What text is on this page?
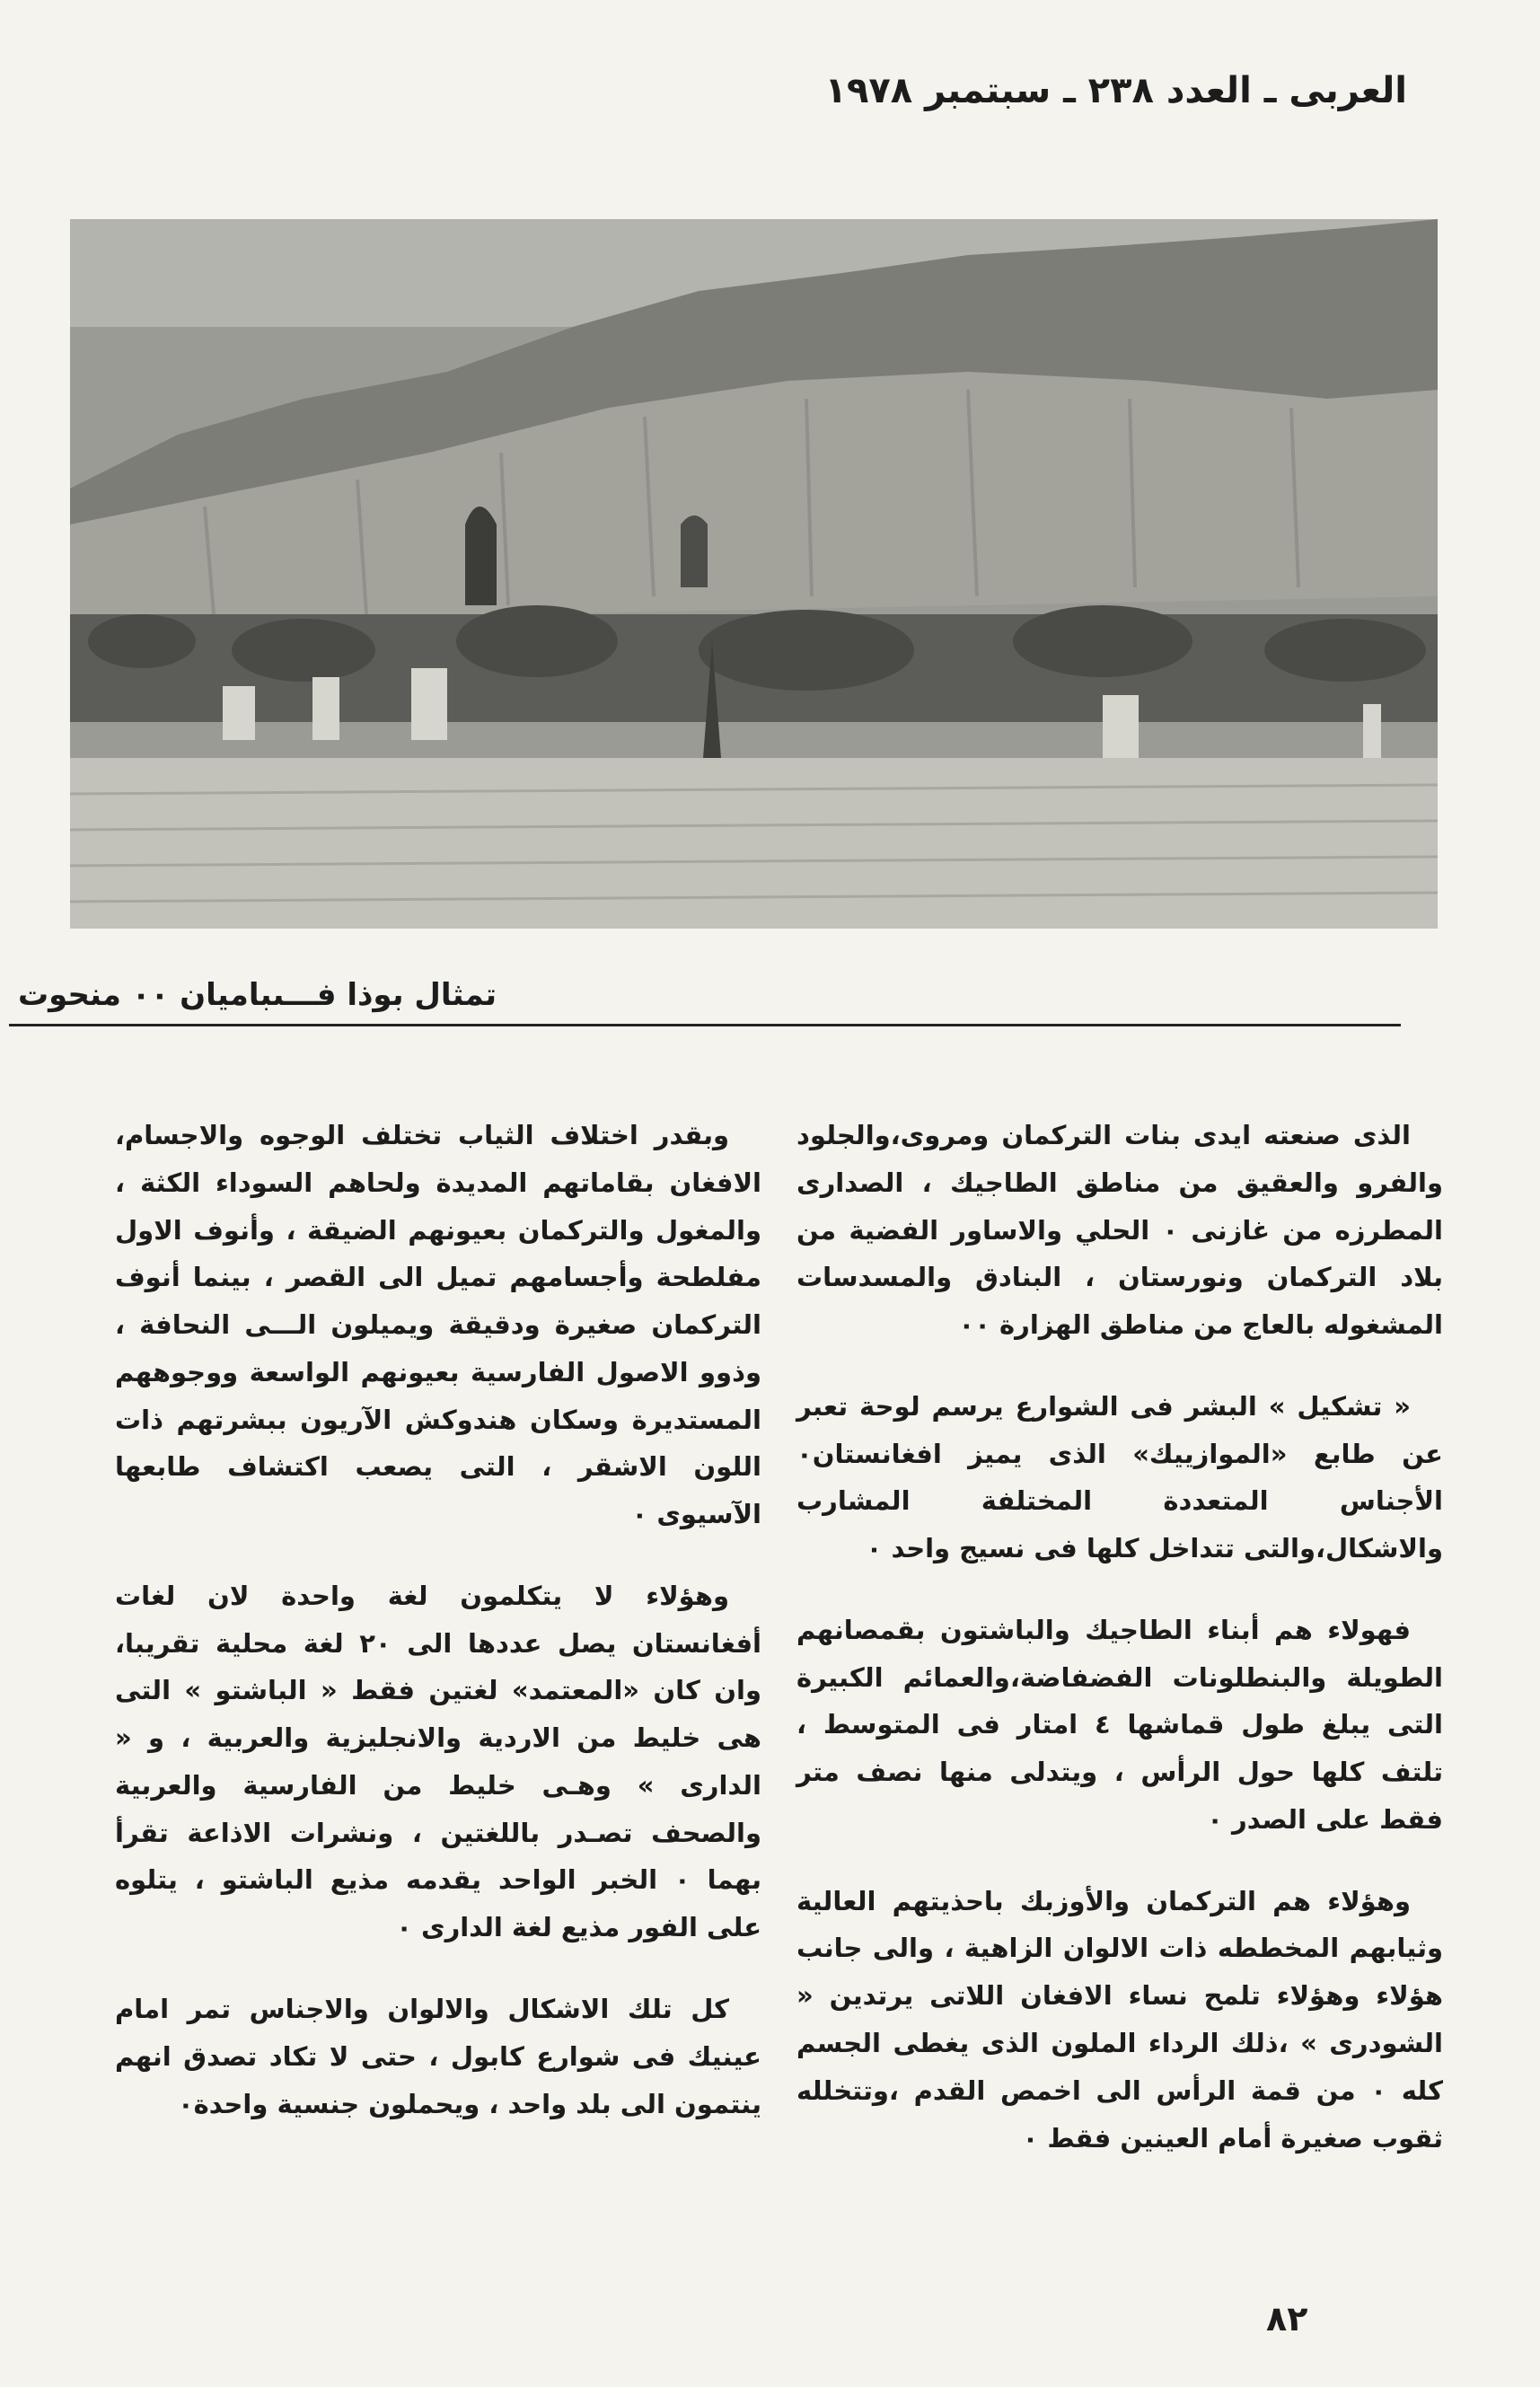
العربى ـ العدد ٢٣٨ ـ سبتمبر ١٩٧٨
تمثال بوذا فـــىباميان ٠٠ منحوت

الذى صنعته ايدى بنات التركمان ومروى،والجلود والفرو والعقيق من مناطق الطاجيك ، الصدارى المطرزه من غازنى ٠ الحلي والاساور الفضية من بلاد التركمان ونورستان ، البنادق والمسدسات المشغوله بالعاج من مناطق الهزارة ٠٠

« تشكيل » البشر فى الشوارع يرسم لوحة تعبر عن طابع «الموازييك» الذى يميز افغانستان٠ الأجناس المتعددة المختلفة المشارب والاشكال،والتى تتداخل كلها فى نسيج واحد ٠

فهولاء هم أبناء الطاجيك والباشتون بقمصانهم الطويلة والبنطلونات الفضفاضة،والعمائم الكبيرة التى يبلغ طول قماشها ٤ امتار فى المتوسط ، تلتف كلها حول الرأس ، ويتدلى منها نصف متر فقط على الصدر ٠

وهؤلاء هم التركمان والأوزبك باحذيتهم العالية وثيابهم المخططه ذات الالوان الزاهية ، والى جانب هؤلاء وهؤلاء تلمح نساء الافغان اللاتى يرتدين « الشودرى » ،ذلك الرداء الملون الذى يغطى الجسم كله ٠ من قمة الرأس الى اخمص القدم ،وتتخلله ثقوب صغيرة أمام العينين فقط ٠

وبقدر اختلاف الثياب تختلف الوجوه والاجسام، الافغان بقاماتهم المديدة ولحاهم السوداء الكثة ، والمغول والتركمان بعيونهم الضيقة ، وأنوف الاول مفلطحة وأجسامهم تميل الى القصر ، بينما أنوف التركمان صغيرة ودقيقة ويميلون الـــى النحافة ، وذوو الاصول الفارسية بعيونهم الواسعة ووجوههم المستديرة وسكان هندوكش الآريون ببشرتهم ذات اللون الاشقر ، التى يصعب اكتشاف طابعها الآسيوى ٠

وهؤلاء لا يتكلمون لغة واحدة لان لغات أفغانستان يصل عددها الى ٢٠ لغة محلية تقريبا، وان كان «المعتمد» لغتين فقط « الباشتو » التى هى خليط من الاردية والانجليزية والعربية ، و « الدارى » وهـى خليط من الفارسية والعربية والصحف تصـدر باللغتين ، ونشرات الاذاعة تقرأ بهما ٠ الخبر الواحد يقدمه مذيع الباشتو ، يتلوه على الفور مذيع لغة الدارى ٠

كل تلك الاشكال والالوان والاجناس تمر امام عينيك فى شوارع كابول ، حتى لا تكاد تصدق انهم ينتمون الى بلد واحد ، ويحملون جنسية واحدة٠

٨٢
